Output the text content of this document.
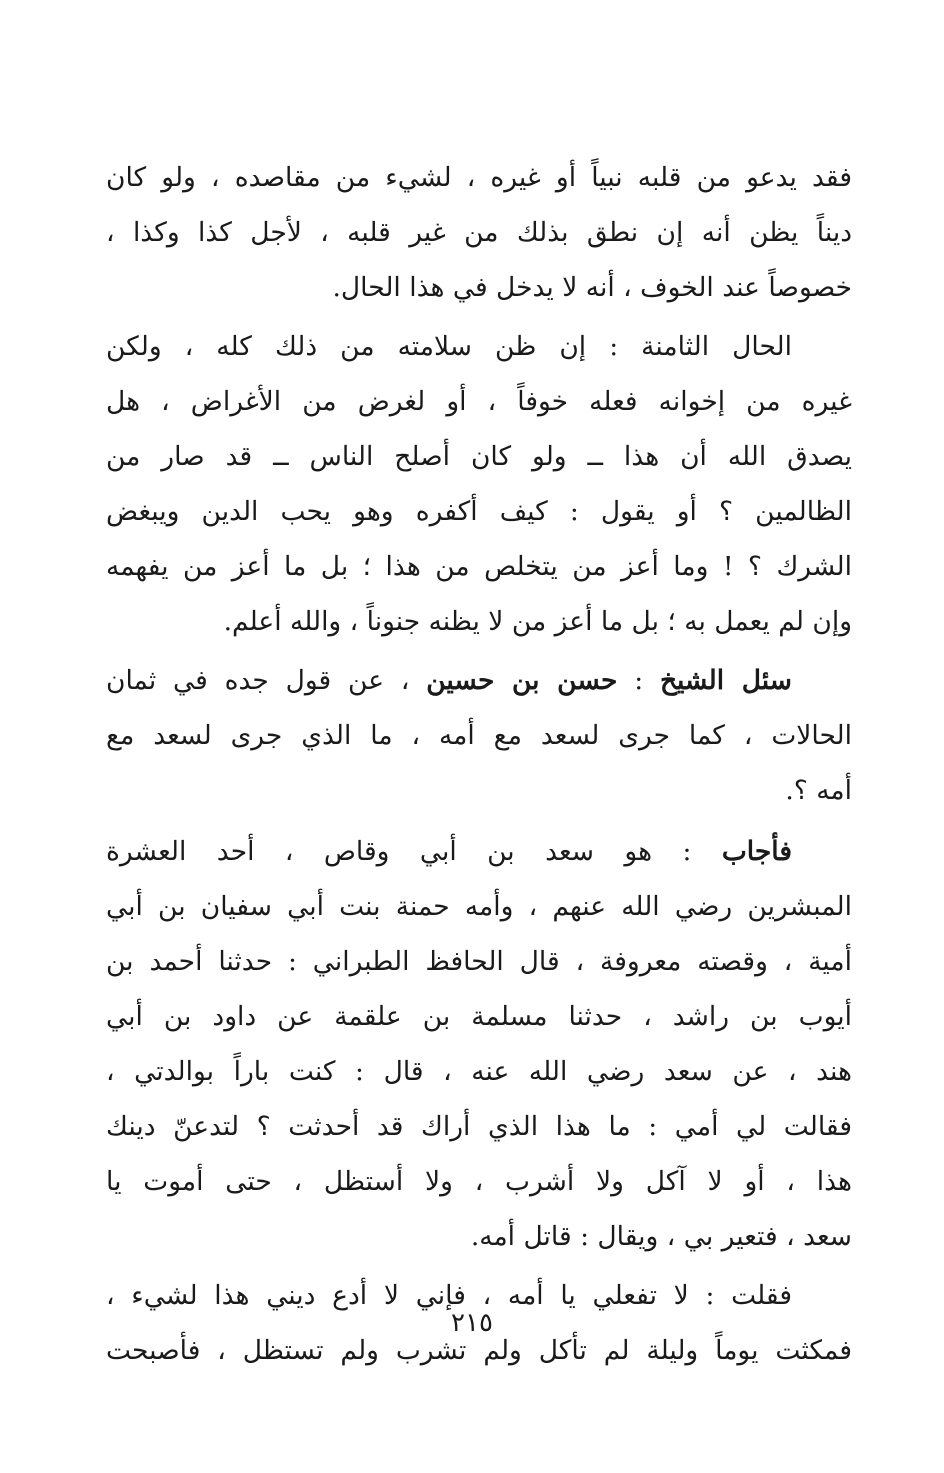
فقد يدعو من قلبه نبياً أو غيره ، لشيء من مقاصده ، ولو كان
ديناً يظن أنه إن نطق بذلك من غير قلبه ، لأجل كذا وكذا ،
خصوصاً عند الخوف ، أنه لا يدخل في هذا الحال.

الحال الثامنة : إن ظن سلامته من ذلك كله ، ولكن
غيره من إخوانه فعله خوفاً ، أو لغرض من الأغراض ، هل
يصدق الله أن هذا ــ ولو كان أصلح الناس ــ قد صار من
الظالمين ؟ أو يقول : كيف أكفره وهو يحب الدين ويبغض
الشرك ؟ ! وما أعز من يتخلص من هذا ؛ بل ما أعز من يفهمه
وإن لم يعمل به ؛ بل ما أعز من لا يظنه جنوناً ، والله أعلم.

سئل الشيخ : حسن بن حسين ، عن قول جده في ثمان
الحالات ، كما جرى لسعد مع أمه ، ما الذي جرى لسعد مع
أمه ؟.

فأجاب : هو سعد بن أبي وقاص ، أحد العشرة
المبشرين رضي الله عنهم ، وأمه حمنة بنت أبي سفيان بن أبي
أمية ، وقصته معروفة ، قال الحافظ الطبراني : حدثنا أحمد بن
أيوب بن راشد ، حدثنا مسلمة بن علقمة عن داود بن أبي
هند ، عن سعد رضي الله عنه ، قال : كنت باراً بوالدتي ،
فقالت لي أمي : ما هذا الذي أراك قد أحدثت ؟ لتدعنّ دينك
هذا ، أو لا آكل ولا أشرب ، ولا أستظل ، حتى أموت يا
سعد ، فتعير بي ، ويقال : قاتل أمه.

فقلت : لا تفعلي يا أمه ، فإني لا أدع ديني هذا لشيء ،
فمكثت يوماً وليلة لم تأكل ولم تشرب ولم تستظل ، فأصبحت

٢١٥
